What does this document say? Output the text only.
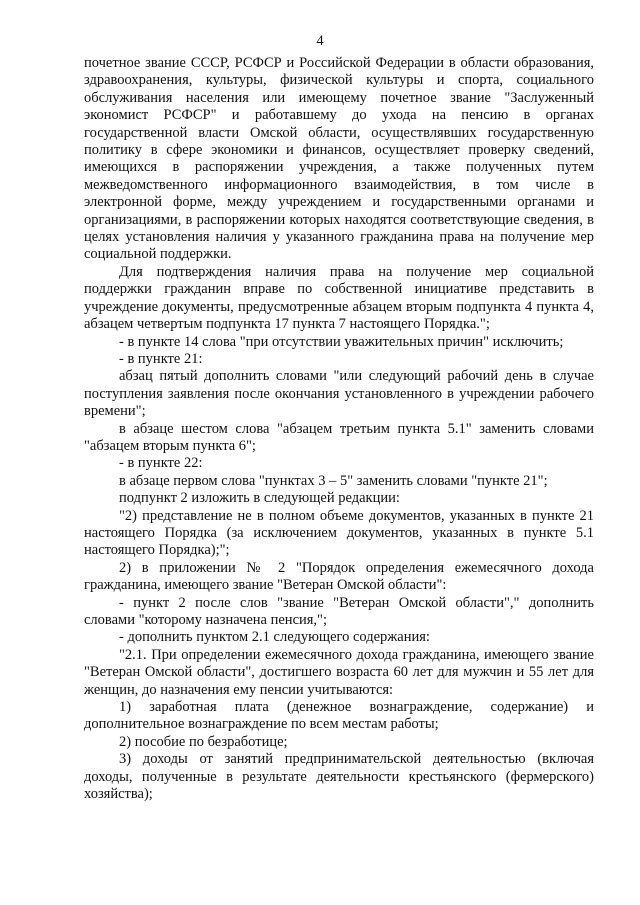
4

почетное звание СССР, РСФСР и Российской Федерации в области образования, здравоохранения, культуры, физической культуры и спорта, социального обслуживания населения или имеющему почетное звание "Заслуженный экономист РСФСР" и работавшему до ухода на пенсию в органах государственной власти Омской области, осуществлявших государственную политику в сфере экономики и финансов, осуществляет проверку сведений, имеющихся в распоряжении учреждения, а также полученных путем межведомственного информационного взаимодействия, в том числе в электронной форме, между учреждением и государственными органами и организациями, в распоряжении которых находятся соответствующие сведения, в целях установления наличия у указанного гражданина права на получение мер социальной поддержки.

Для подтверждения наличия права на получение мер социальной поддержки гражданин вправе по собственной инициативе представить в учреждение документы, предусмотренные абзацем вторым подпункта 4 пункта 4, абзацем четвертым подпункта 17 пункта 7 настоящего Порядка.";

- в пункте 14 слова "при отсутствии уважительных причин" исключить;

- в пункте 21:

абзац пятый дополнить словами "или следующий рабочий день в случае поступления заявления после окончания установленного в учреждении рабочего времени";

в абзаце шестом слова "абзацем третьим пункта 5.1" заменить словами "абзацем вторым пункта 6";

- в пункте 22:

в абзаце первом слова "пунктах 3 – 5" заменить словами "пункте 21";

подпункт 2 изложить в следующей редакции:

"2) представление не в полном объеме документов, указанных в пункте 21 настоящего Порядка (за исключением документов, указанных в пункте 5.1 настоящего Порядка);";

2) в приложении № 2 "Порядок определения ежемесячного дохода гражданина, имеющего звание "Ветеран Омской области":

- пункт 2 после слов "звание "Ветеран Омской области"," дополнить словами "которому назначена пенсия,";

- дополнить пунктом 2.1 следующего содержания:

"2.1. При определении ежемесячного дохода гражданина, имеющего звание "Ветеран Омской области", достигшего возраста 60 лет для мужчин и 55 лет для женщин, до назначения ему пенсии учитываются:

1) заработная плата (денежное вознаграждение, содержание) и дополнительное вознаграждение по всем местам работы;

2) пособие по безработице;

3) доходы от занятий предпринимательской деятельностью (включая доходы, полученные в результате деятельности крестьянского (фермерского) хозяйства);
